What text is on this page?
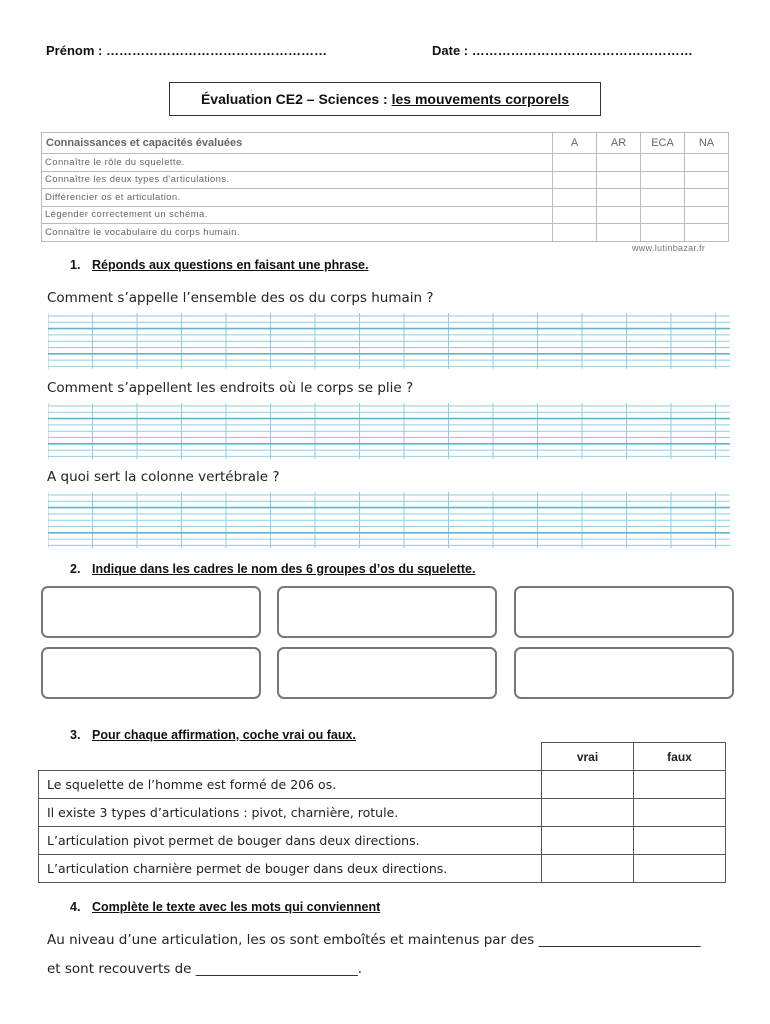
Prénom : ……………………………………………	Date : ……………………………………………
Évaluation CE2 – Sciences :
les mouvements corporels
Connaissances et capacités évaluées	A	AR	ECA	NA
Connaître le rôle du squelette.				
Connaître les deux types d'articulations.				
Différencier os et articulation.				
Légender correctement un schéma.				
Connaître le vocabulaire du corps humain.				
www.lutinbazar.fr
1. Réponds aux questions en faisant une phrase.
Comment s’appelle l’ensemble des os du corps humain ?
Comment s’appellent les endroits où le corps se plie ?
A quoi sert la colonne vertébrale ?
2. Indique dans les cadres le nom des 6 groupes d’os du squelette.
3. Pour chaque affirmation, coche vrai ou faux.
	vrai	faux
Le squelette de l’homme est formé de 206 os.		
Il existe 3 types d’articulations : pivot, charnière, rotule.		
L’articulation pivot permet de bouger dans deux directions.		
L’articulation charnière permet de bouger dans deux directions.		
4. Complète le texte avec les mots qui conviennent
Au niveau d’une articulation, les os sont emboîtés et maintenus par des ________________________
et sont recouverts de ________________________.
